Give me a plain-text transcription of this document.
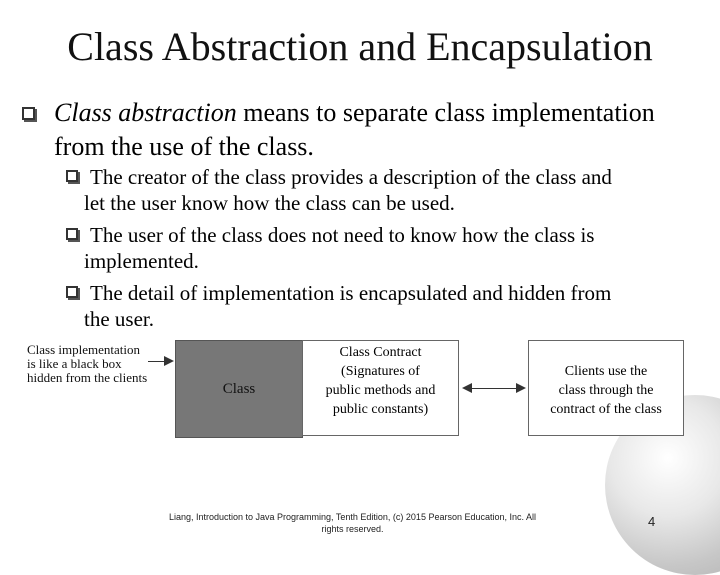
Class Abstraction and Encapsulation
Class abstraction means to separate class implementation
from the use of the class.
The creator of the class provides a description of the class and

let the user know how the class can be used.
The user of the class does not need to know how the class is

implemented.
The detail of implementation is encapsulated and hidden from

the user.
Class implementation
is like a black box
hidden from the clients
Class
Class Contract
(Signatures of
public methods and
public constants)
Clients use the
class through the
contract of the class
Liang, Introduction to Java Programming, Tenth Edition, (c) 2015 Pearson Education, Inc. All
rights reserved.	4
